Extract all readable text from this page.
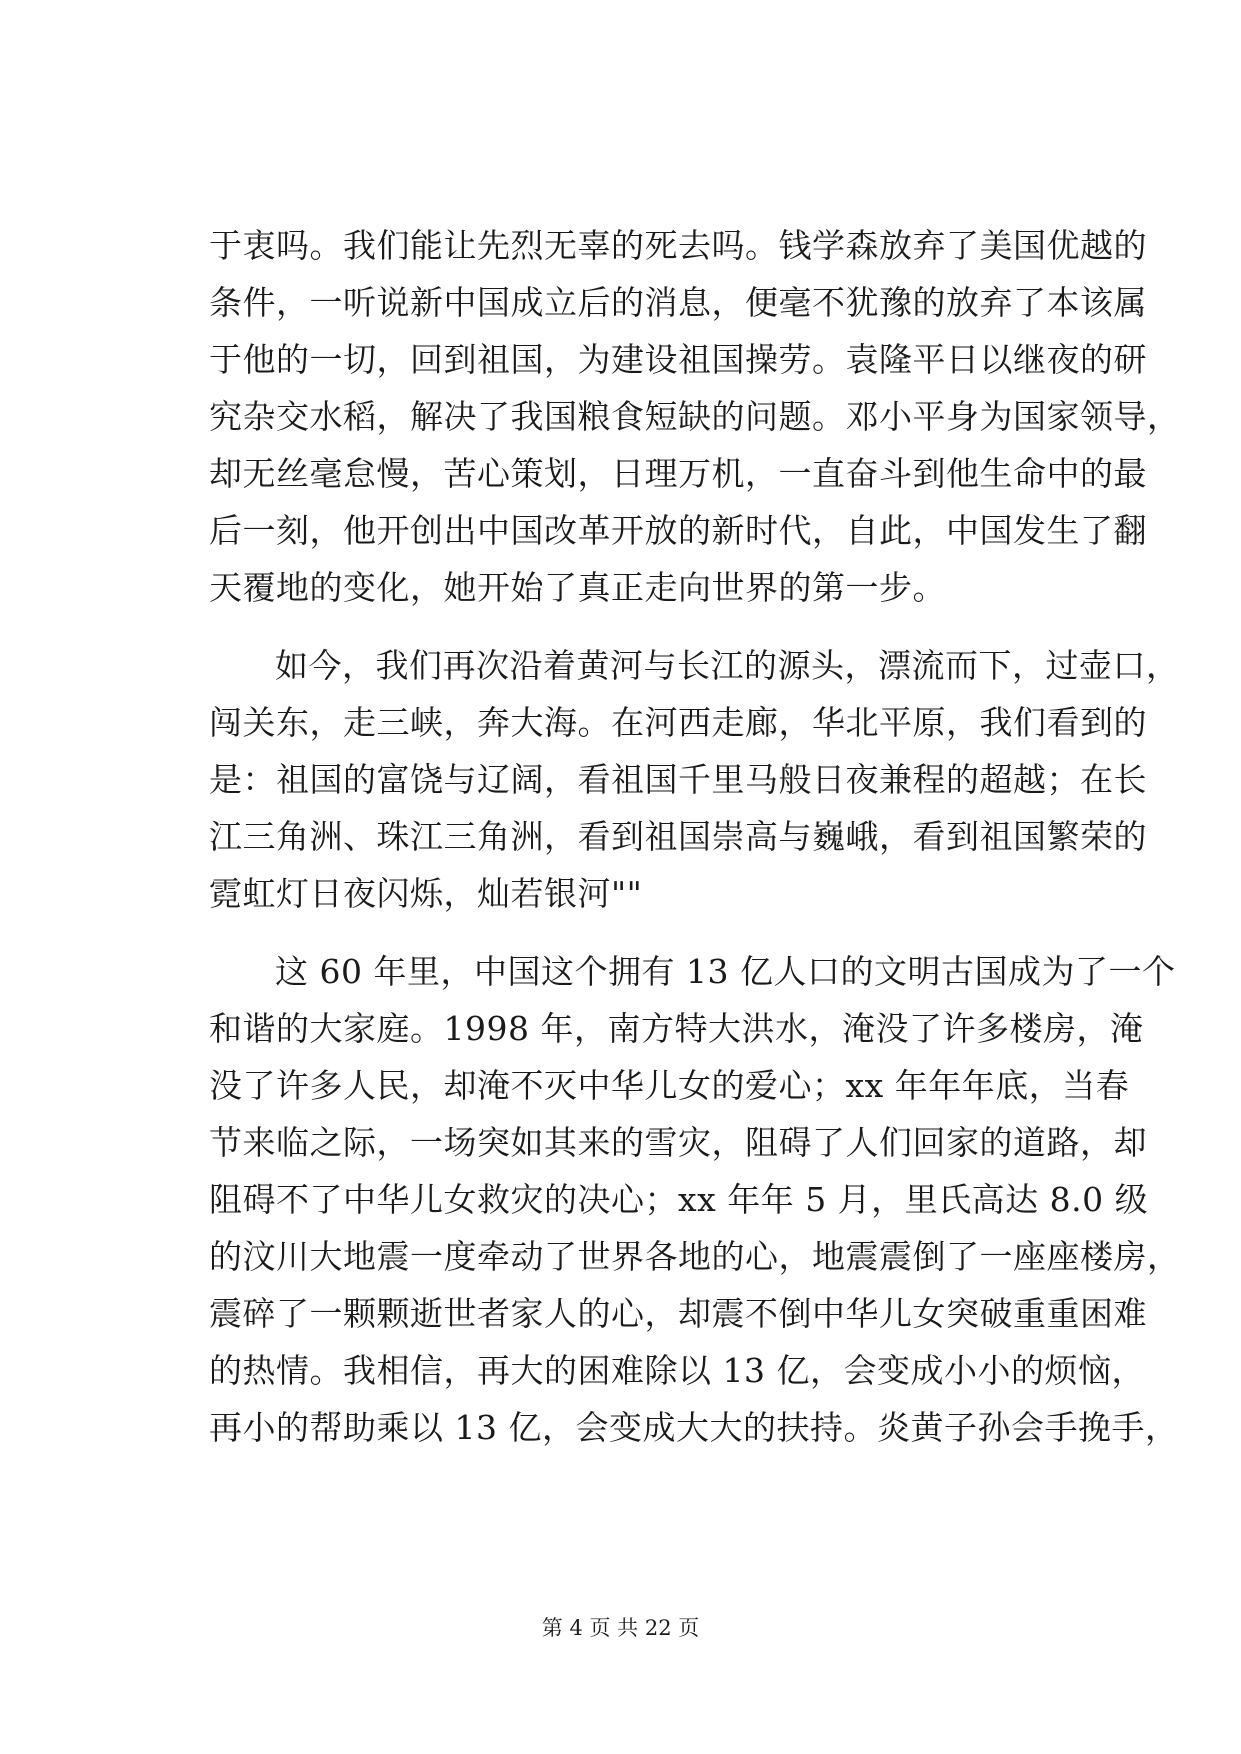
于衷吗。我们能让先烈无辜的死去吗。钱学森放弃了美国优越的
条件，一听说新中国成立后的消息，便毫不犹豫的放弃了本该属
于他的一切，回到祖国，为建设祖国操劳。袁隆平日以继夜的研
究杂交水稻，解决了我国粮食短缺的问题。邓小平身为国家领导，
却无丝毫怠慢，苦心策划，日理万机，一直奋斗到他生命中的最
后一刻，他开创出中国改革开放的新时代，自此，中国发生了翻
天覆地的变化，她开始了真正走向世界的第一步。
如今，我们再次沿着黄河与长江的源头，漂流而下，过壶口，
闯关东，走三峡，奔大海。在河西走廊，华北平原，我们看到的
是：祖国的富饶与辽阔，看祖国千里马般日夜兼程的超越；在长
江三角洲、珠江三角洲，看到祖国崇高与巍峨，看到祖国繁荣的
霓虹灯日夜闪烁，灿若银河""
这 60 年里，中国这个拥有 13 亿人口的文明古国成为了一个
和谐的大家庭。1998 年，南方特大洪水，淹没了许多楼房，淹
没了许多人民，却淹不灭中华儿女的爱心；xx 年年年底，当春
节来临之际，一场突如其来的雪灾，阻碍了人们回家的道路，却
阻碍不了中华儿女救灾的决心；xx 年年 5 月，里氏高达 8.0 级
的汶川大地震一度牵动了世界各地的心，地震震倒了一座座楼房，
震碎了一颗颗逝世者家人的心，却震不倒中华儿女突破重重困难
的热情。我相信，再大的困难除以 13 亿，会变成小小的烦恼，
再小的帮助乘以 13 亿，会变成大大的扶持。炎黄子孙会手挽手，
第 4 页 共 22 页
